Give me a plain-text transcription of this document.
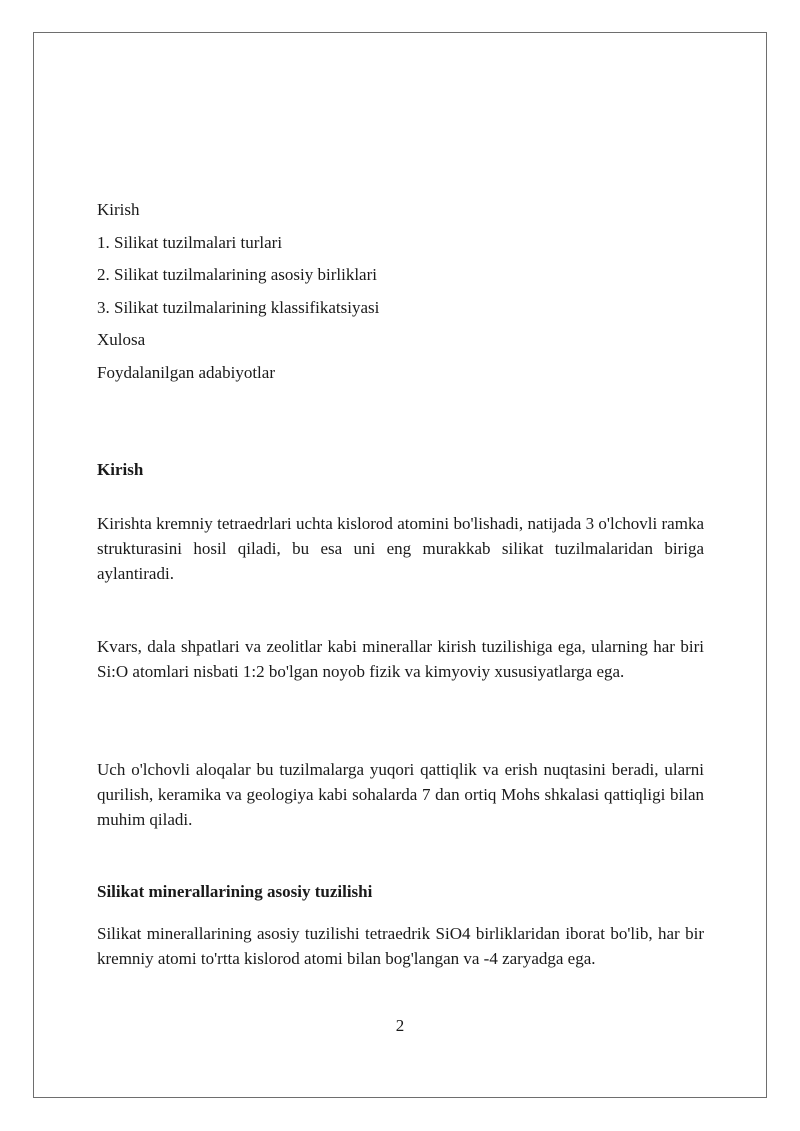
Kirish
1. Silikat tuzilmalari turlari
2. Silikat tuzilmalarining asosiy birliklari
3. Silikat tuzilmalarining klassifikatsiyasi
Xulosa
Foydalanilgan adabiyotlar
Kirish

Kirishta kremniy tetraedrlari uchta kislorod atomini bo'lishadi, natijada 3 o'lchovli ramka strukturasini hosil qiladi, bu esa uni eng murakkab silikat tuzilmalaridan biriga aylantiradi.

Kvars, dala shpatlari va zeolitlar kabi minerallar kirish tuzilishiga ega, ularning har biri Si:O atomlari nisbati 1:2 bo'lgan noyob fizik va kimyoviy xususiyatlarga ega.

Uch o'lchovli aloqalar bu tuzilmalarga yuqori qattiqlik va erish nuqtasini beradi, ularni qurilish, keramika va geologiya kabi sohalarda 7 dan ortiq Mohs shkalasi qattiqligi bilan muhim qiladi.

Silikat minerallarining asosiy tuzilishi

Silikat minerallarining asosiy tuzilishi tetraedrik SiO4 birliklaridan iborat bo'lib, har bir kremniy atomi to'rtta kislorod atomi bilan bog'langan va -4 zaryadga ega.

2
